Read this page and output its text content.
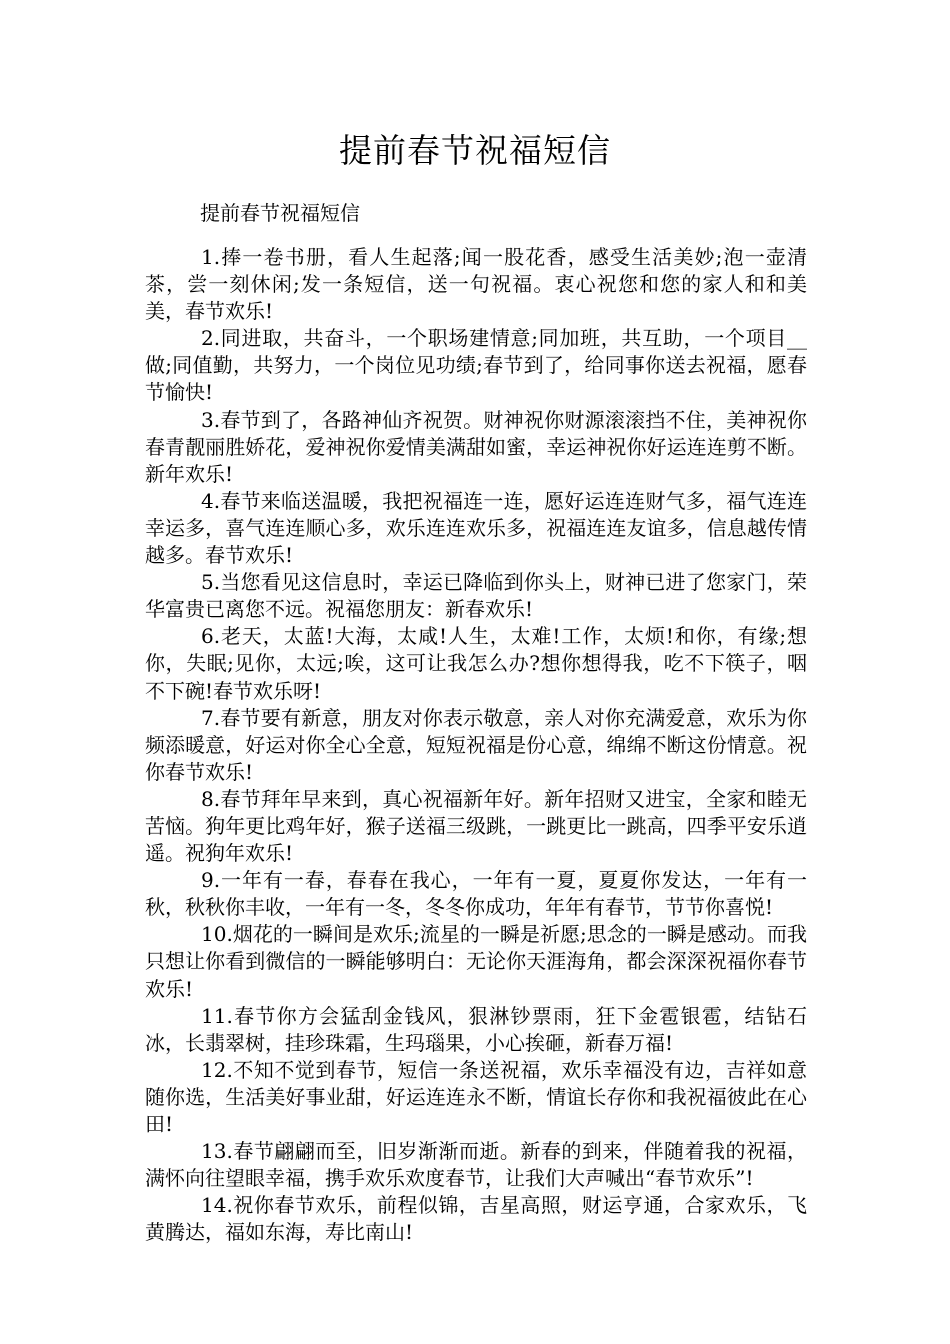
提前春节祝福短信

提前春节祝福短信

1.捧一卷书册，看人生起落;闻一股花香，感受生活美妙;泡一壶清茶，尝一刻休闲;发一条短信，送一句祝福。衷心祝您和您的家人和和美美，春节欢乐!

2.同进取，共奋斗，一个职场建情意;同加班，共互助，一个项目__做;同值勤，共努力，一个岗位见功绩;春节到了，给同事你送去祝福，愿春节愉快!

3.春节到了，各路神仙齐祝贺。财神祝你财源滚滚挡不住，美神祝你春青靓丽胜娇花，爱神祝你爱情美满甜如蜜，幸运神祝你好运连连剪不断。新年欢乐!

4.春节来临送温暖，我把祝福连一连，愿好运连连财气多，福气连连幸运多，喜气连连顺心多，欢乐连连欢乐多，祝福连连友谊多，信息越传情越多。春节欢乐!

5.当您看见这信息时，幸运已降临到你头上，财神已进了您家门，荣华富贵已离您不远。祝福您朋友：新春欢乐!

6.老天，太蓝!大海，太咸!人生，太难!工作，太烦!和你，有缘;想你，失眠;见你，太远;唉，这可让我怎么办?想你想得我，吃不下筷子，咽不下碗!春节欢乐呀!

7.春节要有新意，朋友对你表示敬意，亲人对你充满爱意，欢乐为你频添暖意，好运对你全心全意，短短祝福是份心意，绵绵不断这份情意。祝你春节欢乐!

8.春节拜年早来到，真心祝福新年好。新年招财又进宝，全家和睦无苦恼。狗年更比鸡年好，猴子送福三级跳，一跳更比一跳高，四季平安乐逍遥。祝狗年欢乐!

9.一年有一春，春春在我心，一年有一夏，夏夏你发达，一年有一秋，秋秋你丰收，一年有一冬，冬冬你成功，年年有春节，节节你喜悦!

10.烟花的一瞬间是欢乐;流星的一瞬是祈愿;思念的一瞬是感动。而我只想让你看到微信的一瞬能够明白：无论你天涯海角，都会深深祝福你春节欢乐!

11.春节你方会猛刮金钱风，狠淋钞票雨，狂下金雹银雹，结钻石冰，长翡翠树，挂珍珠霜，生玛瑙果，小心挨砸，新春万福!

12.不知不觉到春节，短信一条送祝福，欢乐幸福没有边，吉祥如意随你选，生活美好事业甜，好运连连永不断，情谊长存你和我祝福彼此在心田!

13.春节翩翩而至，旧岁渐渐而逝。新春的到来，伴随着我的祝福，满怀向往望眼幸福，携手欢乐欢度春节，让我们大声喊出“春节欢乐”!

14.祝你春节欢乐，前程似锦，吉星高照，财运亨通，合家欢乐，飞黄腾达，福如东海，寿比南山!
